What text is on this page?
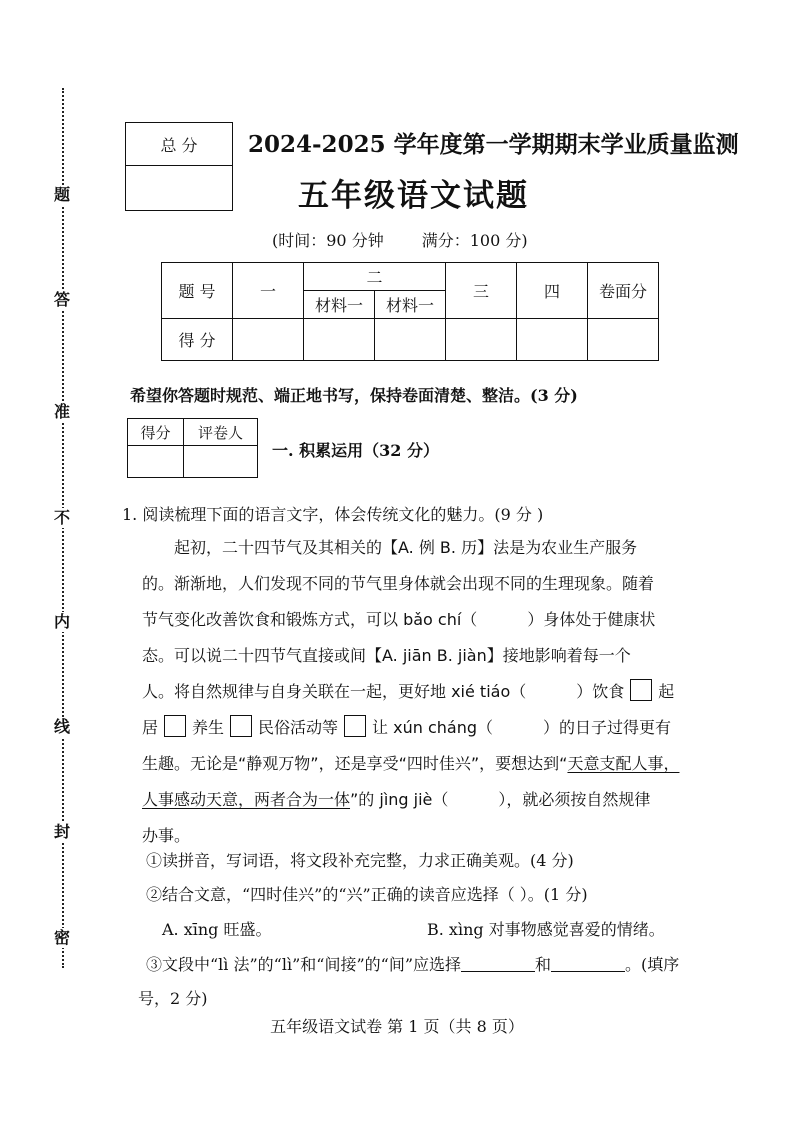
题
答
准
不
内
线
封
密
总 分 2024-2025 学年度第一学期期末学业质量监测
五年级语文试题
(时间：90 分钟 满分：100 分)
题 号	一	二		三	四	卷面分
		材料一	材料一			
得 分						
希望你答题时规范、端正地书写，保持卷面清楚、整洁。(3 分)
得分	评卷人

一. 积累运用（32 分）
1. 阅读梳理下面的语言文字，体会传统文化的魅力。(9 分 )
起初，二十四节气及其相关的【A. 例 B. 历】法是为农业生产服务
的。渐渐地，人们发现不同的节气里身体就会出现不同的生理现象。随着
节气变化改善饮食和锻炼方式，可以 bǎo chí（	）身体处于健康状
态。可以说二十四节气直接或间【A. jiān B. jiàn】接地影响着每一个
人。将自然规律与自身关联在一起，更好地 xié tiáo（	）饮食 起
居 养生 民俗活动等 让 xún cháng（	）的日子过得更有
生趣。无论是“静观万物”，还是享受“四时佳兴”，要想达到“天意支配人事，
人事感动天意，两者合为一体”的 jìng jiè（	），就必须按自然规律
办事。
①读拼音，写词语，将文段补充完整，力求正确美观。(4 分)
②结合文意，“四时佳兴”的“兴”正确的读音应选择（ ）。(1 分)
A. xīng 旺盛。	B. xìng 对事物感觉喜爱的情绪。
③文段中“lì 法”的“lì”和“间接”的“间”应选择	和	。(填序
号，2 分)
五年级语文试卷 第 1 页（共 8 页）
